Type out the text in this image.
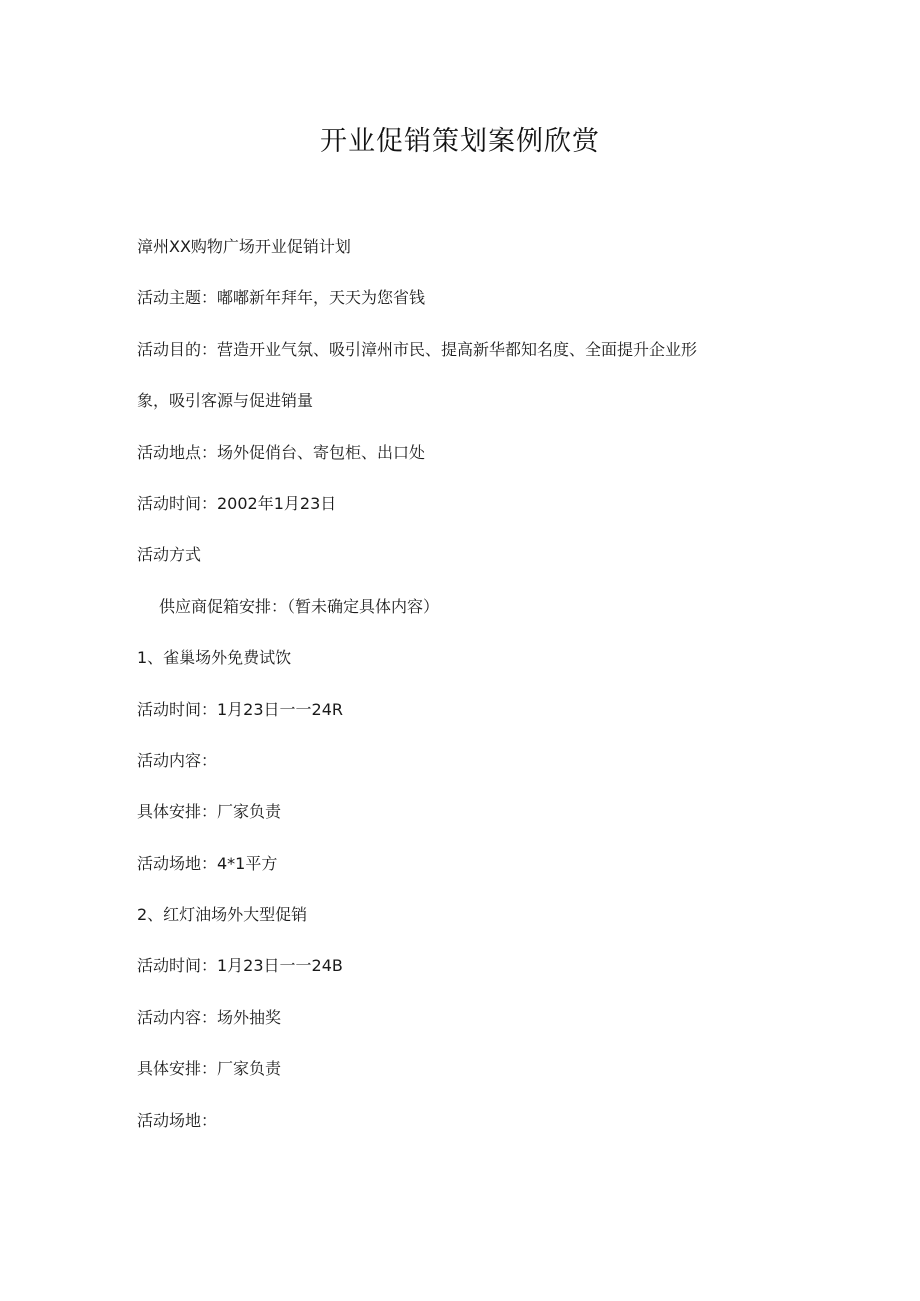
开业促销策划案例欣赏
漳州XX购物广场开业促销计划
活动主题：嘟嘟新年拜年，天天为您省钱
活动目的：营造开业气氛、吸引漳州市民、提高新华都知名度、全面提升企业形
象，吸引客源与促进销量
活动地点：场外促俏台、寄包柜、出口处
活动时间：2002年1月23日
活动方式
供应商促箱安排：（暂未确定具体内容）
1、雀巢场外免费试饮
活动时间：1月23日一一24R
活动内容：
具体安排：厂家负责
活动场地：4*1平方
2、红灯油场外大型促销
活动时间：1月23日一一24B
活动内容：场外抽奖
具体安排：厂家负责
活动场地：
